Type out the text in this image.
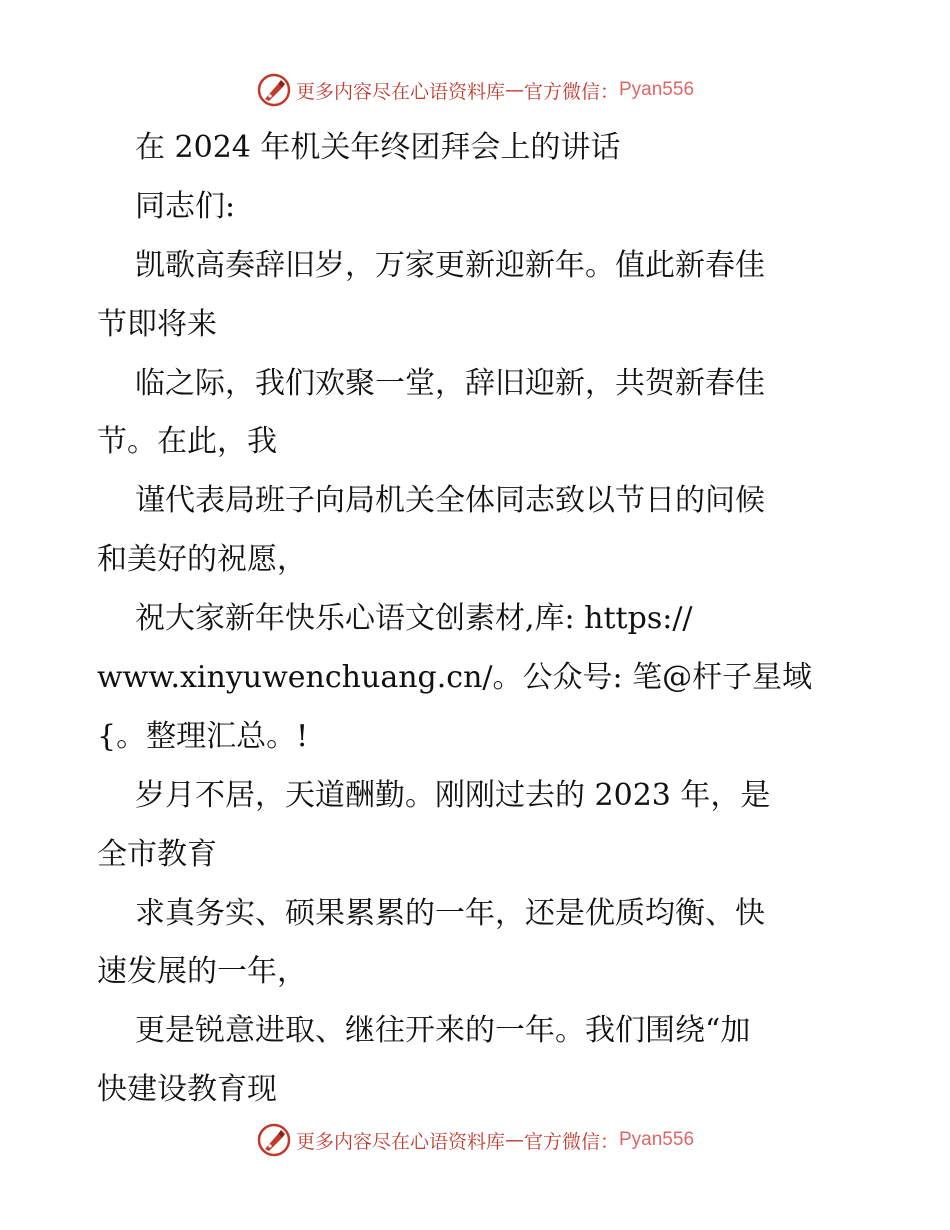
更多内容尽在心语资料库 — 官方微信： Pyan556
在 2024 年机关年终团拜会上的讲话
同志们:
凯歌高奏辞旧岁，万家更新迎新年。值此新春佳
节即将来
临之际，我们欢聚一堂，辞旧迎新，共贺新春佳
节。在此，我
谨代表局班子向局机关全体同志致以节日的问候
和美好的祝愿，
祝大家新年快乐心语文创素材,库: https://
www.xinyuwenchuang.cn/。公众号: 笔@杆子星域
{。整理汇总。!
岁月不居，天道酬勤。刚刚过去的 2023 年，是
全市教育
求真务实、硕果累累的一年，还是优质均衡、快
速发展的一年，
更是锐意进取、继往开来的一年。我们围绕“加
快建设教育现
更多内容尽在心语资料库 — 官方微信： Pyan556
